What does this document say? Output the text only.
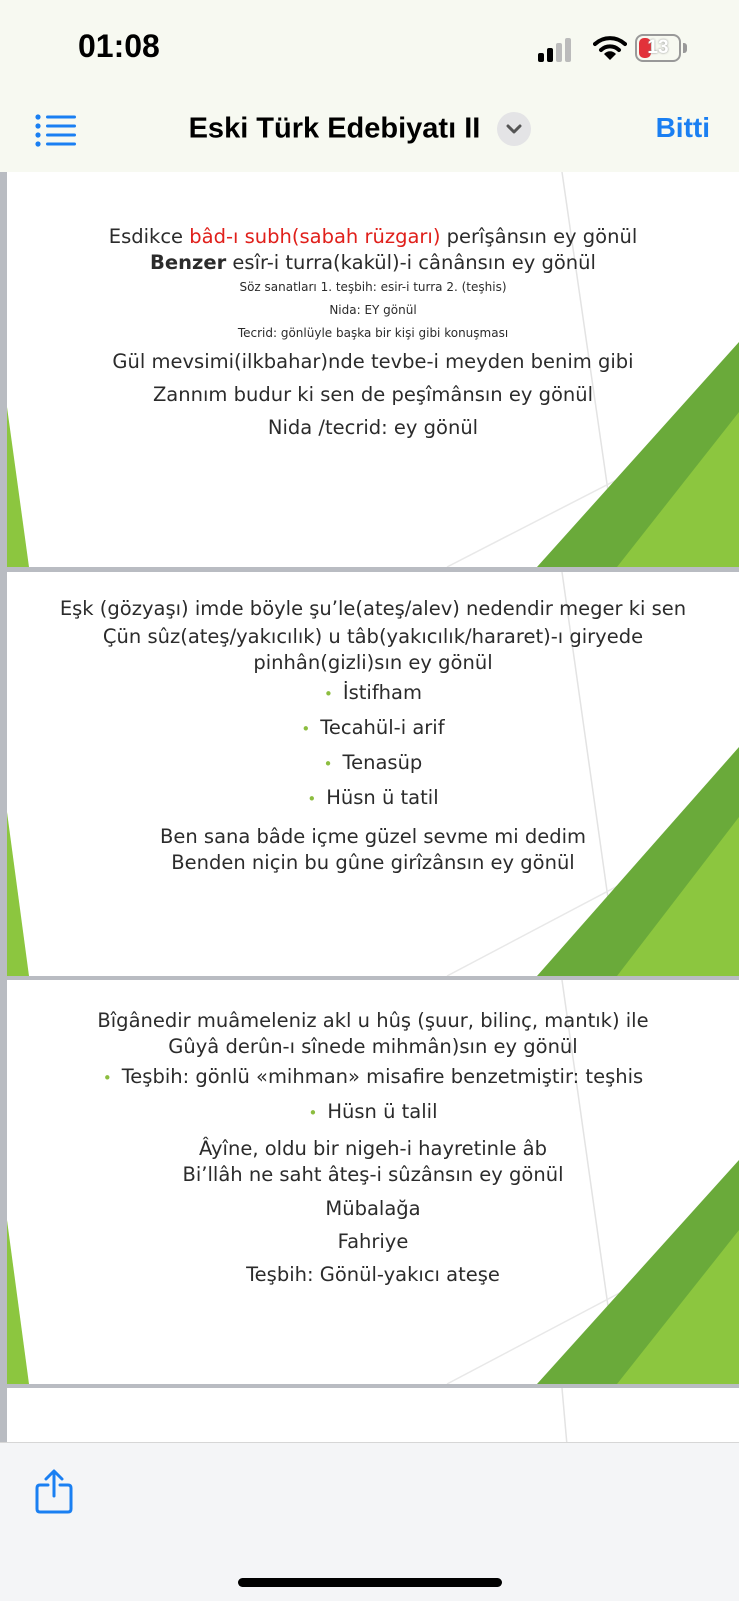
01:08	13
Eski Türk Edebiyatı II	Bitti
Esdikce bâd-ı subh(sabah rüzgarı) perîşânsın ey gönül
Benzer esîr-i turra(kakül)-i cânânsın ey gönül
Söz sanatları 1. teşbih: esir-i turra 2. (teşhis)
Nida: EY gönül
Tecrid: gönlüyle başka bir kişi gibi konuşması
Gül mevsimi(ilkbahar)nde tevbe-i meyden benim gibi
Zannım budur ki sen de peşîmânsın ey gönül
Nida /tecrid: ey gönül
Eşk (gözyaşı) imde böyle şu’le(ateş/alev) nedendir meger ki sen
Çün sûz(ateş/yakıcılık) u tâb(yakıcılık/hararet)-ı giryede
pinhân(gizli)sın ey gönül
• İstifham
• Tecahül-i arif
• Tenasüp
• Hüsn ü tatil
Ben sana bâde içme güzel sevme mi dedim
Benden niçin bu gûne girîzânsın ey gönül
Bîgânedir muâmeleniz akl u hûş (şuur, bilinç, mantık) ile
Gûyâ derûn-ı sînede mihmân)sın ey gönül
• Teşbih: gönlü «mihman» misafire benzetmiştir: teşhis
• Hüsn ü talil
Âyîne, oldu bir nigeh-i hayretinle âb
Bi’llâh ne saht âteş-i sûzânsın ey gönül
Mübalağa
Fahriye
Teşbih: Gönül-yakıcı ateşe
